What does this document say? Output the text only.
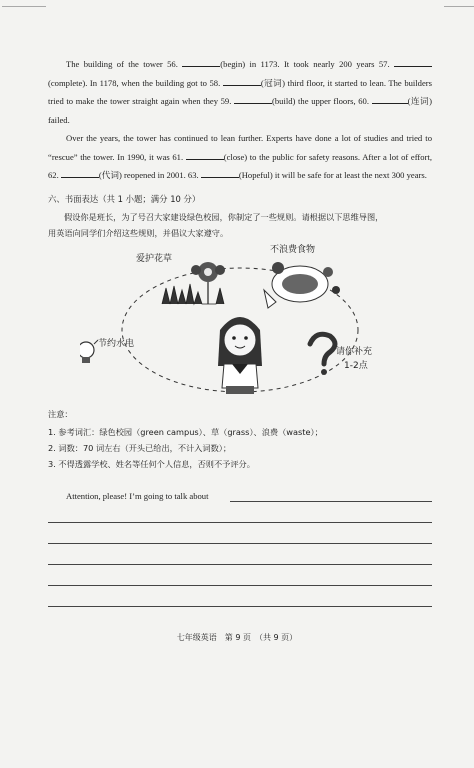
The building of the tower 56.	(begin) in 1173. It took nearly 200 years 57. (complete). In 1178, when the building got to 58.	(冠词) third floor, it started to lean. The builders tried to make the tower straight again when they 59.	(build) the upper floors, 60.	(连词) failed.

Over the years, the tower has continued to lean further. Experts have done a lot of studies and tried to “rescue” the tower. In 1990, it was 61.	(close) to the public for safety reasons. After a lot of effort, 62.	(代词) reopened in 2001. 63.	(Hopeful) it will be safe for at least the next 300 years.

六、书面表达（共 1 小题；满分 10 分）
假设你是班长，为了号召大家建设绿色校园，你制定了一些规则。请根据以下思维导图，
用英语向同学们介绍这些规则，并倡议大家遵守。
爱护花草
不浪费食物
节约水电
请你补充
1-2点
注意：
1. 参考词汇：绿色校园（green campus）、草（grass）、浪费（waste）；
2. 词数：70 词左右（开头已给出，不计入词数）；
3. 不得透露学校、姓名等任何个人信息，否则不予评分。
Attention, please! I’m going to talk about
七年级英语　第 9 页　（共 9 页）
